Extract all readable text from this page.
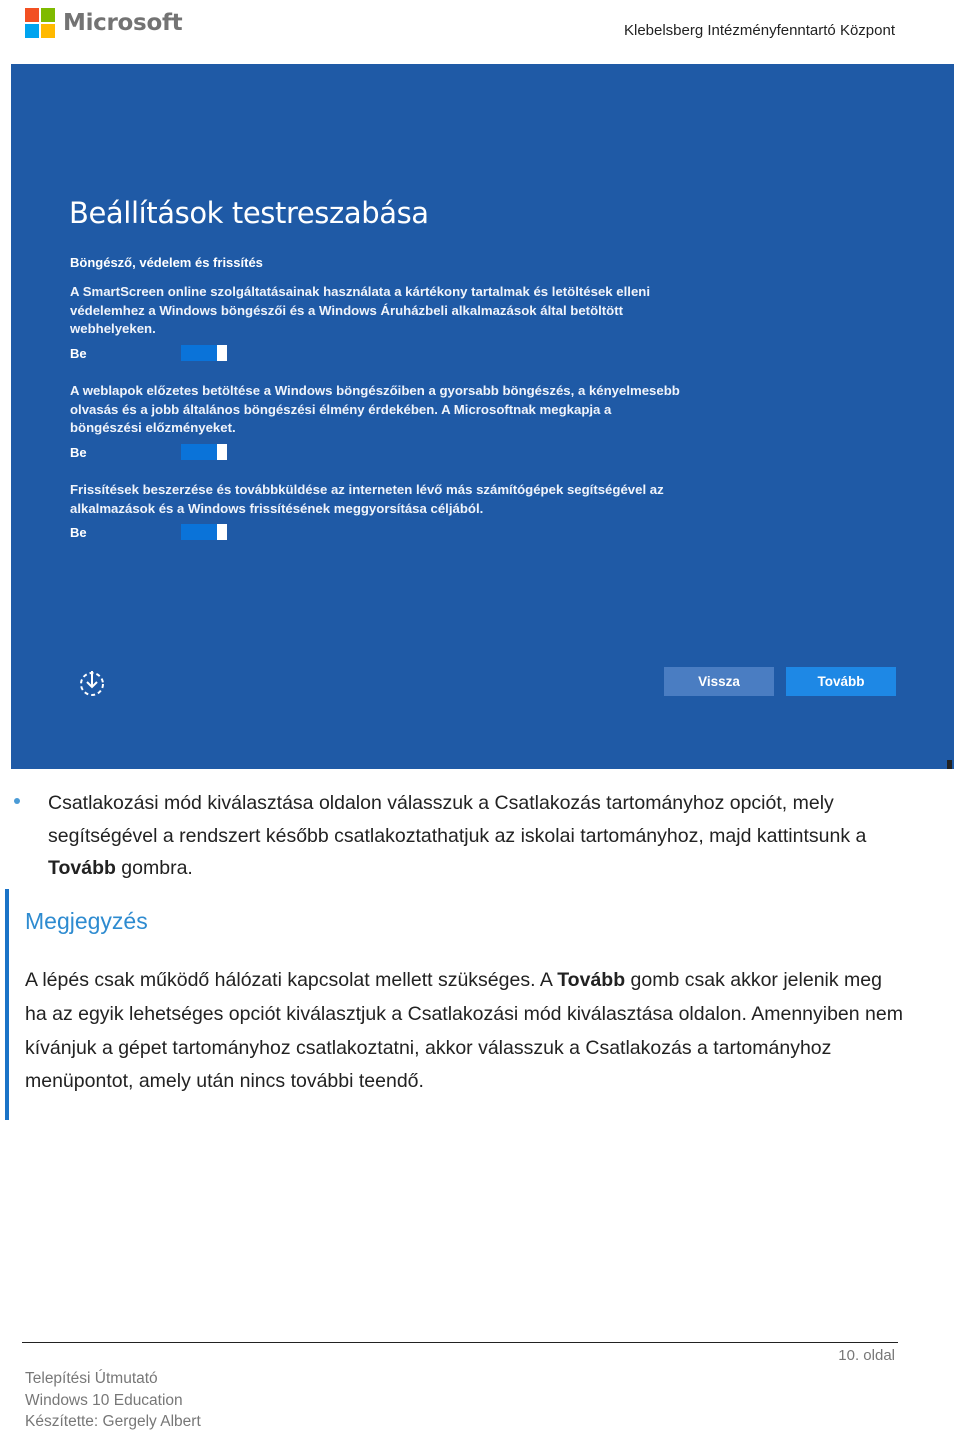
Microsoft	Klebelsberg Intézményfenntartó Központ
Beállítások testreszabása
Böngésző, védelem és frissítés
A SmartScreen online szolgáltatásainak használata a kártékony tartalmak és letöltések elleni védelemhez a Windows böngészői és a Windows Áruházbeli alkalmazások által betöltött webhelyeken.
Be
A weblapok előzetes betöltése a Windows böngészőiben a gyorsabb böngészés, a kényelmesebb olvasás és a jobb általános böngészési élmény érdekében. A Microsoftnak megkapja a böngészési előzményeket.
Be
Frissítések beszerzése és továbbküldése az interneten lévő más számítógépek segítségével az alkalmazások és a Windows frissítésének meggyorsítása céljából.
Be
Vissza	Tovább
Csatlakozási mód kiválasztása oldalon válasszuk a Csatlakozás tartományhoz opciót, mely segítségével a rendszert később csatlakoztathatjuk az iskolai tartományhoz, majd kattintsunk a Tovább gombra.
Megjegyzés
A lépés csak működő hálózati kapcsolat mellett szükséges. A Tovább gomb csak akkor jelenik meg ha az egyik lehetséges opciót kiválasztjuk a Csatlakozási mód kiválasztása oldalon. Amennyiben nem kívánjuk a gépet tartományhoz csatlakoztatni, akkor válasszuk a Csatlakozás a tartományhoz menüpontot, amely után nincs további teendő.
10. oldal
Telepítési Útmutató
Windows 10 Education
Készítette: Gergely Albert
